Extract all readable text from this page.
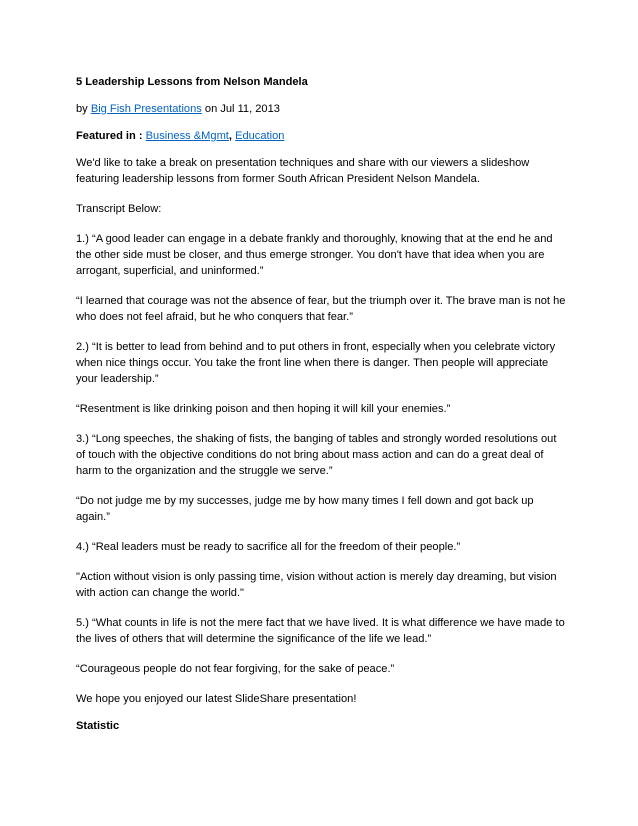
5 Leadership Lessons from Nelson Mandela
by Big Fish Presentations on Jul 11, 2013
Featured in : Business &Mgmt, Education
We'd like to take a break on presentation techniques and share with our viewers a slideshow featuring leadership lessons from former South African President Nelson Mandela.
Transcript Below:
1.) “A good leader can engage in a debate frankly and thoroughly, knowing that at the end he and the other side must be closer, and thus emerge stronger. You don't have that idea when you are arrogant, superficial, and uninformed.”
“I learned that courage was not the absence of fear, but the triumph over it. The brave man is not he who does not feel afraid, but he who conquers that fear.”
2.) “It is better to lead from behind and to put others in front, especially when you celebrate victory when nice things occur. You take the front line when there is danger. Then people will appreciate your leadership.”
“Resentment is like drinking poison and then hoping it will kill your enemies.”
3.) “Long speeches, the shaking of fists, the banging of tables and strongly worded resolutions out of touch with the objective conditions do not bring about mass action and can do a great deal of harm to the organization and the struggle we serve.”
“Do not judge me by my successes, judge me by how many times I fell down and got back up again.”
4.) “Real leaders must be ready to sacrifice all for the freedom of their people.”
"Action without vision is only passing time, vision without action is merely day dreaming, but vision with action can change the world."
5.) “What counts in life is not the mere fact that we have lived. It is what difference we have made to the lives of others that will determine the significance of the life we lead.”
“Courageous people do not fear forgiving, for the sake of peace.”
We hope you enjoyed our latest SlideShare presentation!
Statistic
